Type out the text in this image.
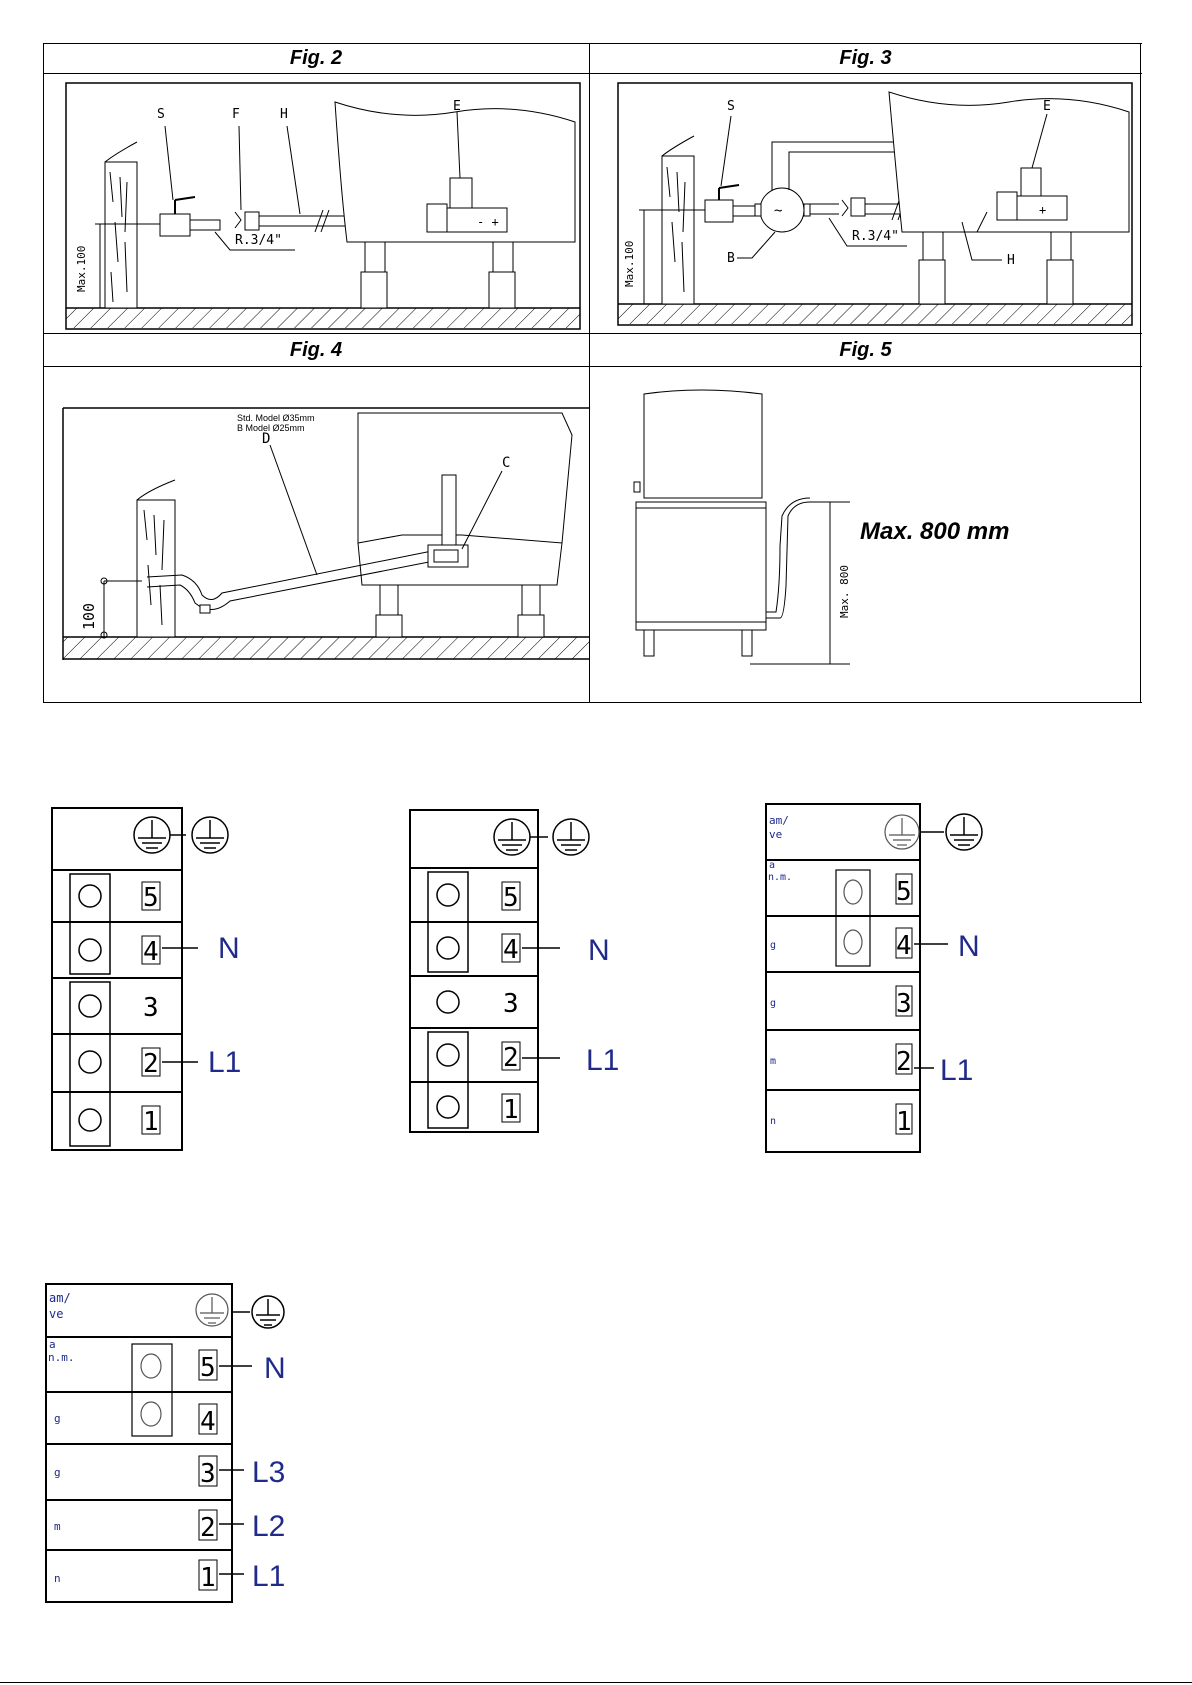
Fig. 2	Fig. 3
Fig. 4	Fig. 5
Max.100
S	F	H
R.3/4"
- +
E
Max.100
S
~
B
R.3/4"
H
+
E
100
D
Std. Model Ø35mm
B Model Ø25mm
C
Max. 800
Max. 800 mm
5
4
3
2
1
N
L1
5
4
3
2
1
N
L1
am/
ve
a
n.m.
g
g
m
n
5
4
3
2
1
N
L1
am/
ve
a
n.m.
g
g
m
n
5
4
3
2
1
N
L3
L2
L1
